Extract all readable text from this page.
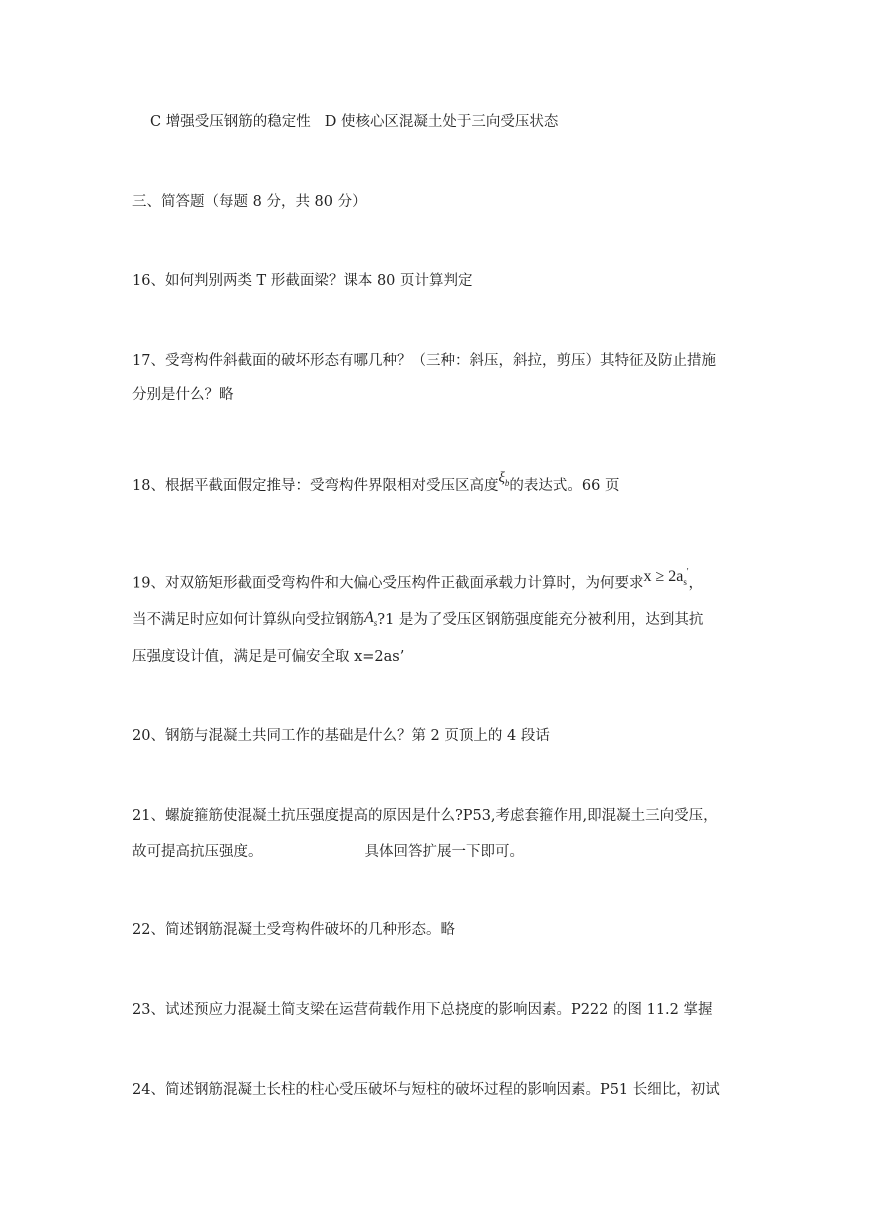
C 增强受压钢筋的稳定性 D 使核心区混凝土处于三向受压状态
三、简答题（每题 8 分，共 80 分）
16、如何判别两类 T 形截面梁？课本 80 页计算判定
17、受弯构件斜截面的破坏形态有哪几种？（三种：斜压，斜拉，剪压）其特征及防止措施
分别是什么？略
18、根据平截面假定推导：受弯构件界限相对受压区高度$\xi_b$的表达式。66 页
19、对双筋矩形截面受弯构件和大偏心受压构件正截面承载力计算时，为何要求$x \ge 2a_s'$，
当不满足时应如何计算纵向受拉钢筋$A_s?1$ 是为了受压区钢筋强度能充分被利用，达到其抗
压强度设计值，满足是可偏安全取 x=2as’
20、钢筋与混凝土共同工作的基础是什么？第 2 页顶上的 4 段话
21、螺旋箍筋使混凝土抗压强度提高的原因是什么?P53,考虑套箍作用,即混凝土三向受压，
故可提高抗压强度。	具体回答扩展一下即可。
22、简述钢筋混凝土受弯构件破坏的几种形态。略
23、试述预应力混凝土简支梁在运营荷载作用下总挠度的影响因素。P222 的图 11.2 掌握
24、简述钢筋混凝土长柱的柱心受压破坏与短柱的破坏过程的影响因素。P51 长细比，初试
